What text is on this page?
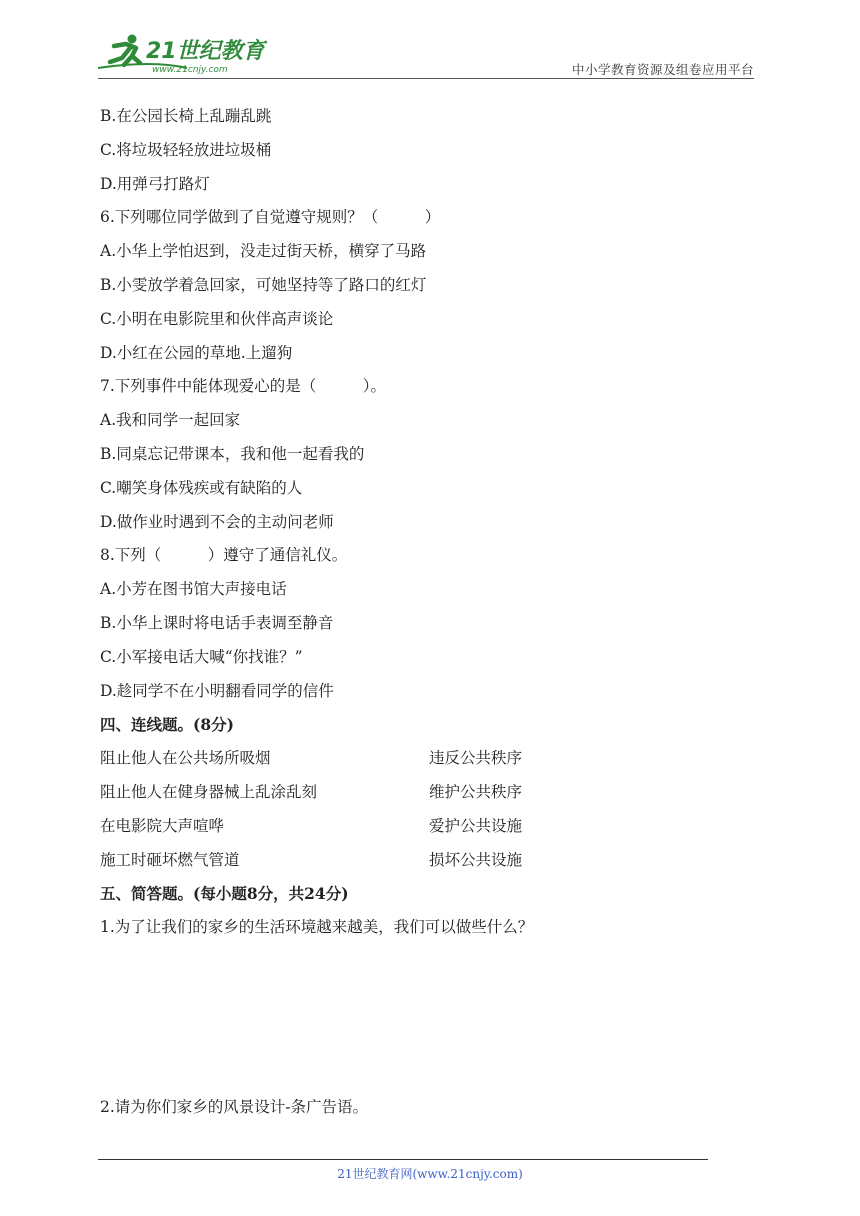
21世纪教育
www.21cnjy.com	中小学教育资源及组卷应用平台
B.在公园长椅上乱蹦乱跳
C.将垃圾轻轻放进垃圾桶
D.用弹弓打路灯
6.下列哪位同学做到了自觉遵守规则？（　　　）
A.小华上学怕迟到，没走过街天桥，横穿了马路
B.小雯放学着急回家，可她坚持等了路口的红灯
C.小明在电影院里和伙伴高声谈论
D.小红在公园的草地.上遛狗
7.下列事件中能体现爱心的是（　　　）。
A.我和同学一起回家
B.同桌忘记带课本，我和他一起看我的
C.嘲笑身体残疾或有缺陷的人
D.做作业时遇到不会的主动问老师
8.下列（　　　）遵守了通信礼仪。
A.小芳在图书馆大声接电话
B.小华上课时将电话手表调至静音
C.小军接电话大喊“你找谁？”
D.趁同学不在小明翻看同学的信件
四、连线题。(8分)
阻止他人在公共场所吸烟	违反公共秩序
阻止他人在健身器械上乱涂乱刻	维护公共秩序
在电影院大声喧哗	爱护公共设施
施工时砸坏燃气管道	损坏公共设施
五、简答题。(每小题8分，共24分)
1.为了让我们的家乡的生活环境越来越美，我们可以做些什么？
2.请为你们家乡的风景设计-条广告语。
21世纪教育网(www.21cnjy.com)
